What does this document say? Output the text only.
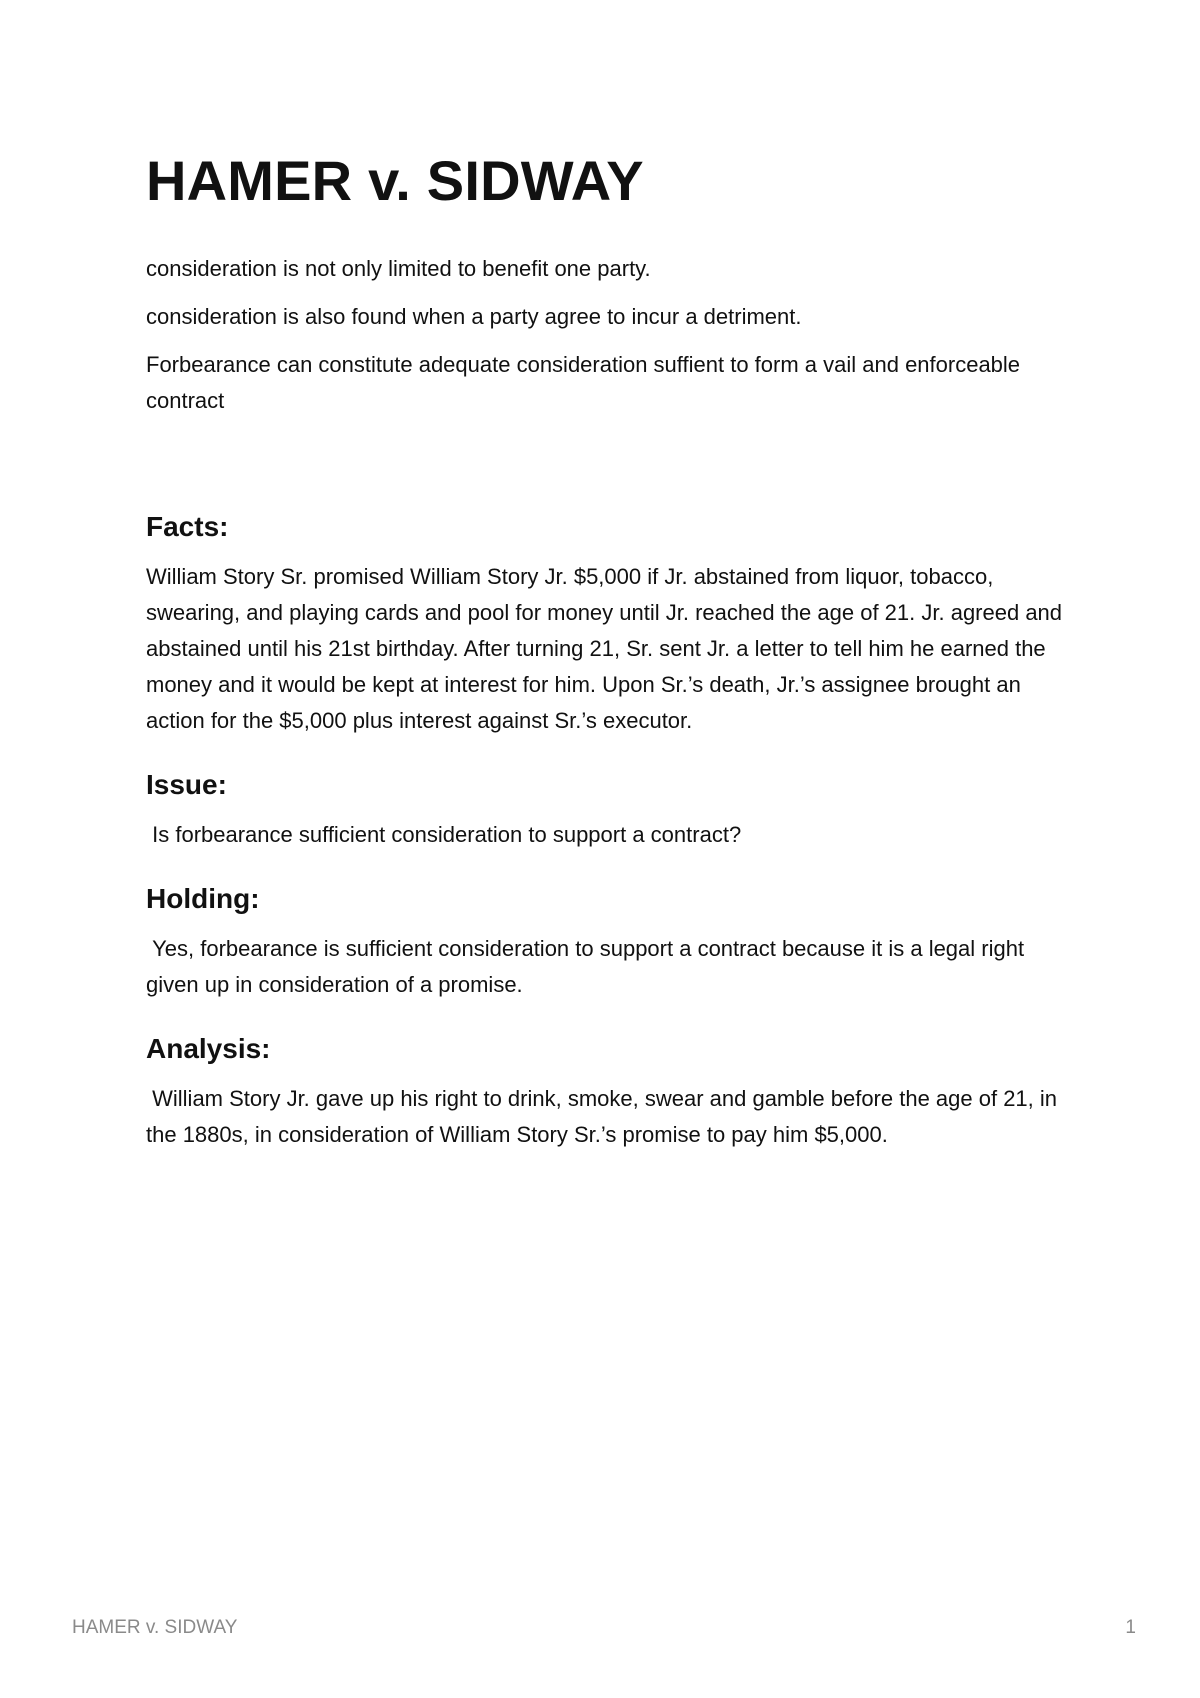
HAMER v. SIDWAY

consideration is not only limited to benefit one party.

consideration is also found when a party agree to incur a detriment.

Forbearance can constitute adequate consideration suffient to form a vail and enforceable contract

Facts:

William Story Sr. promised William Story Jr. $5,000 if Jr. abstained from liquor, tobacco, swearing, and playing cards and pool for money until Jr. reached the age of 21. Jr. agreed and abstained until his 21st birthday. After turning 21, Sr. sent Jr. a letter to tell him he earned the money and it would be kept at interest for him. Upon Sr.’s death, Jr.’s assignee brought an action for the $5,000 plus interest against Sr.’s executor.

Issue:

Is forbearance sufficient consideration to support a contract?

Holding:

Yes, forbearance is sufficient consideration to support a contract because it is a legal right given up in consideration of a promise.

Analysis:

William Story Jr. gave up his right to drink, smoke, swear and gamble before the age of 21, in the 1880s, in consideration of William Story Sr.’s promise to pay him $5,000.

HAMER v. SIDWAY	1
